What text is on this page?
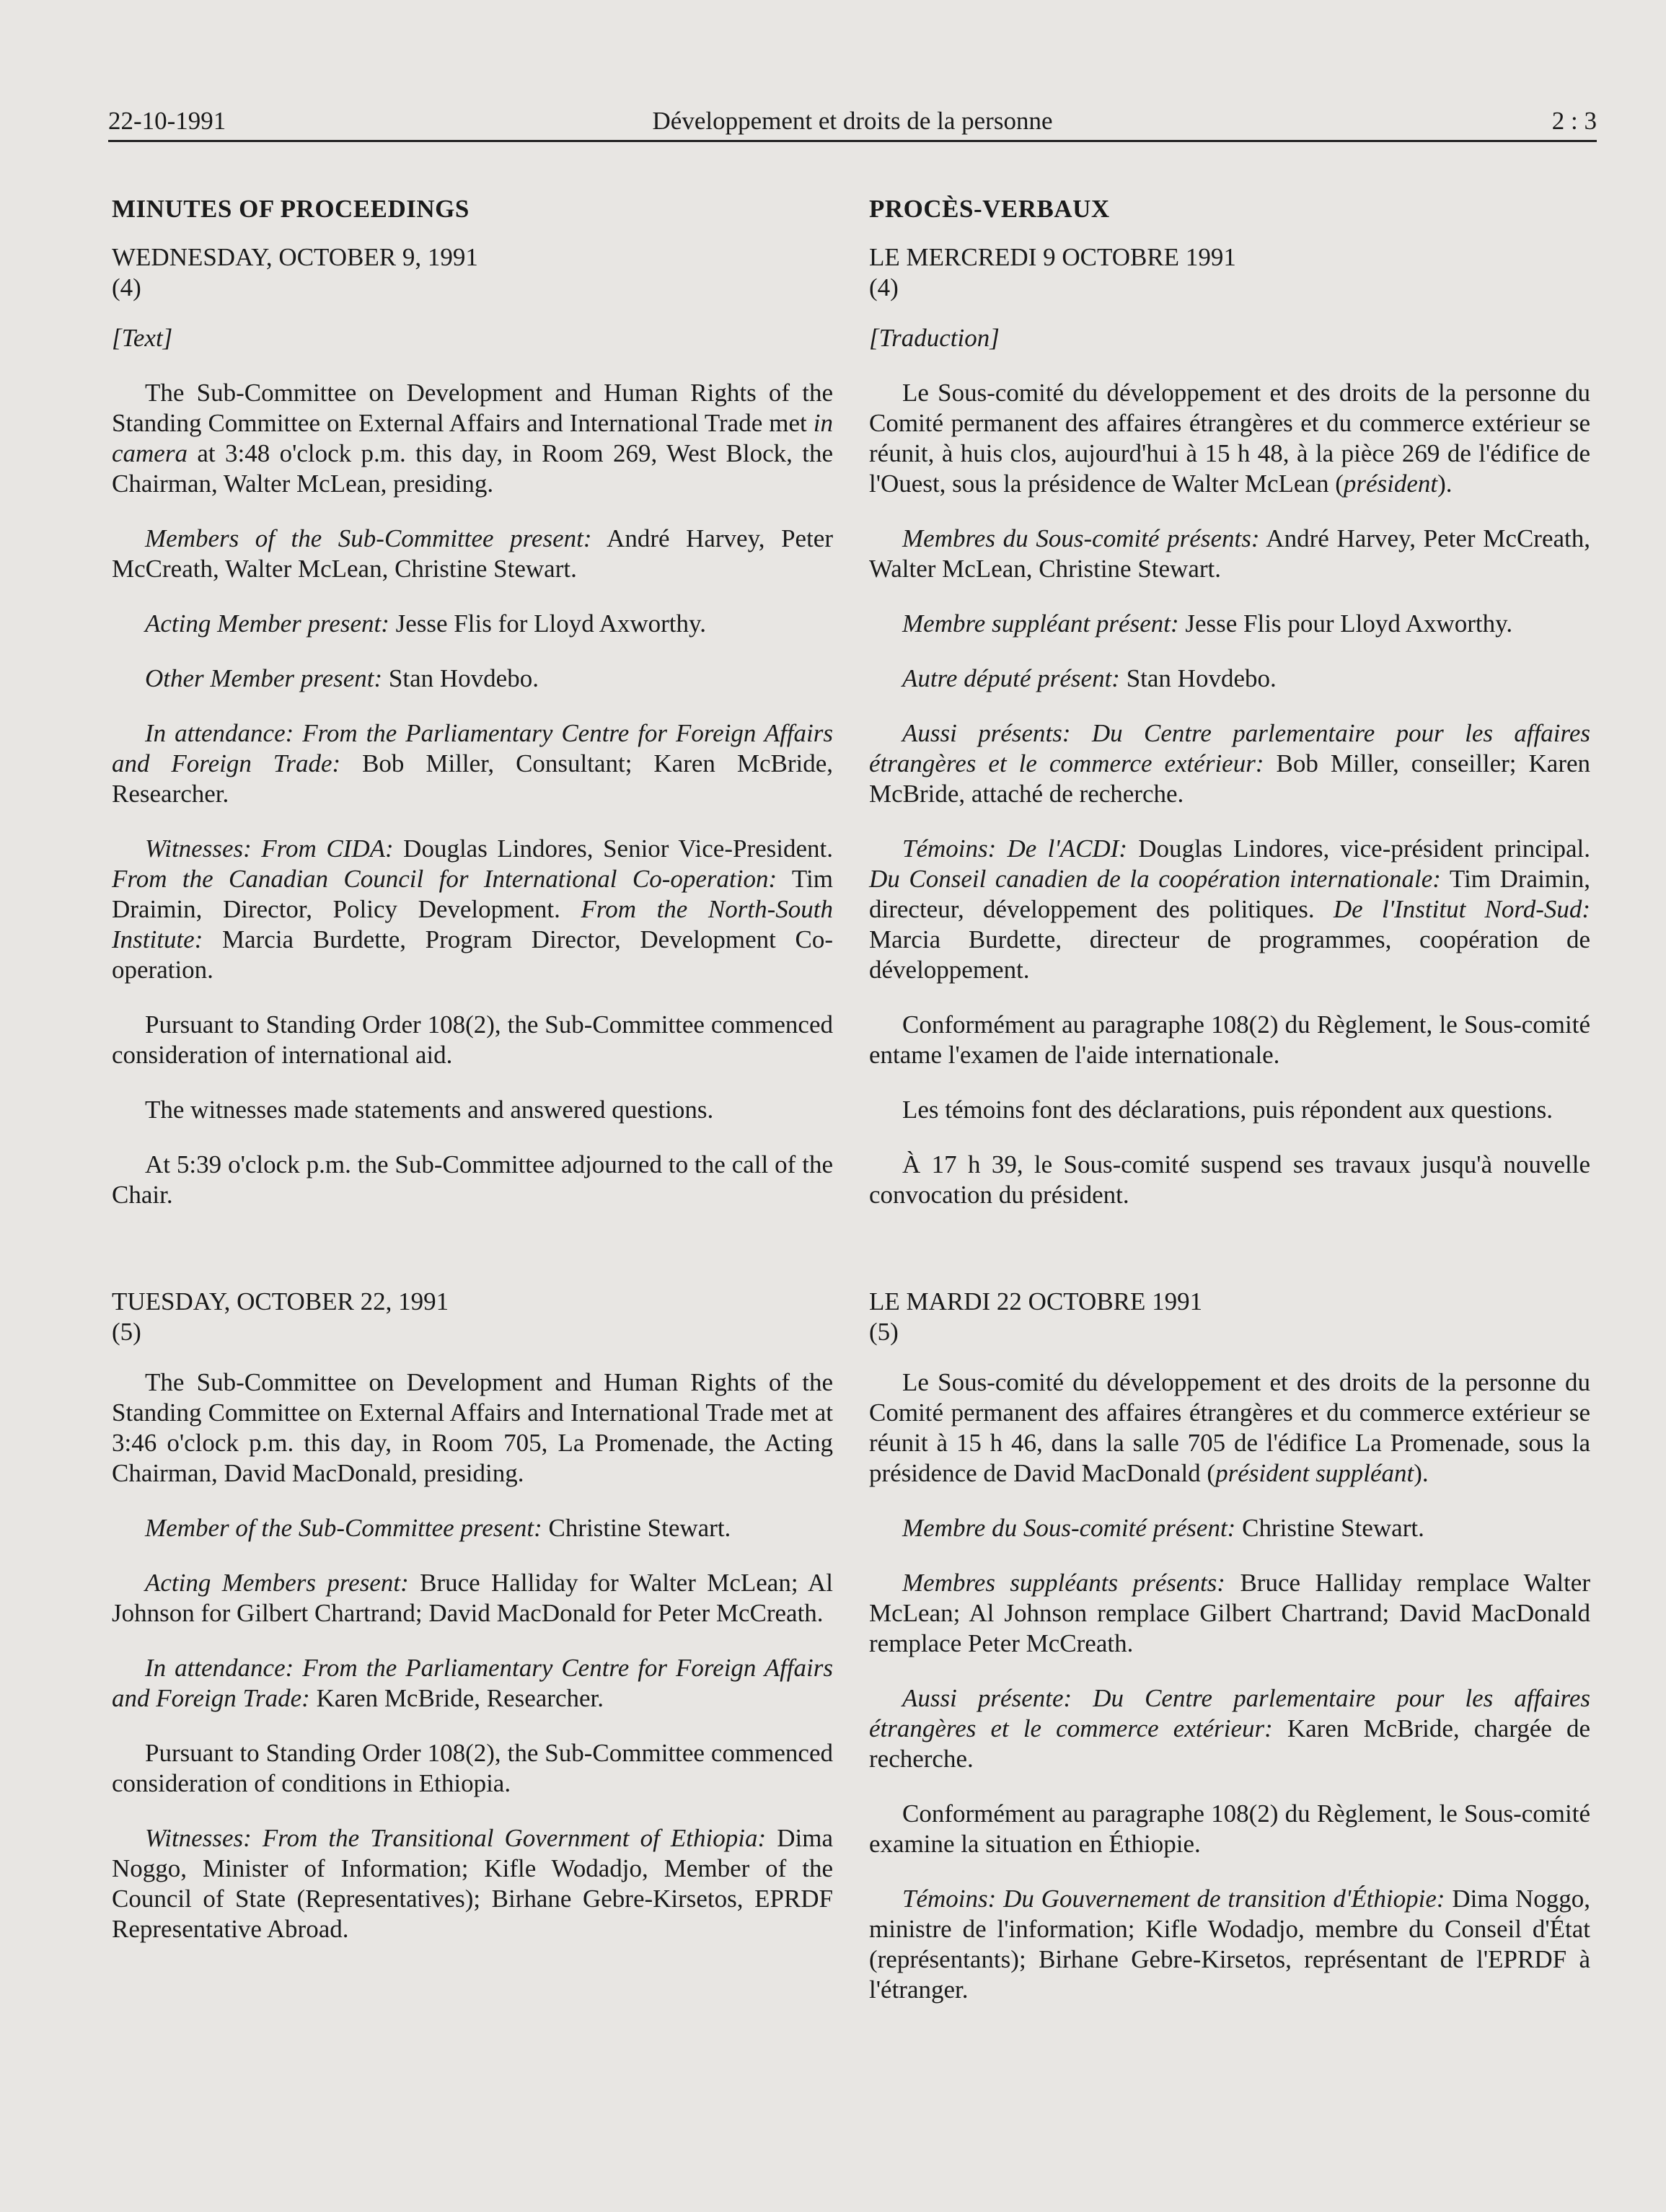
22-10-1991	Développement et droits de la personne	2 : 3
MINUTES OF PROCEEDINGS
WEDNESDAY, OCTOBER 9, 1991
(4)

[Text]

The Sub-Committee on Development and Human Rights of the Standing Committee on External Affairs and International Trade met in camera at 3:48 o'clock p.m. this day, in Room 269, West Block, the Chairman, Walter McLean, presiding.

Members of the Sub-Committee present: André Harvey, Peter McCreath, Walter McLean, Christine Stewart.

Acting Member present: Jesse Flis for Lloyd Axworthy.

Other Member present: Stan Hovdebo.

In attendance: From the Parliamentary Centre for Foreign Affairs and Foreign Trade: Bob Miller, Consultant; Karen McBride, Researcher.

Witnesses: From CIDA: Douglas Lindores, Senior Vice-President. From the Canadian Council for International Co-operation: Tim Draimin, Director, Policy Development. From the North-South Institute: Marcia Burdette, Program Director, Development Co-operation.

Pursuant to Standing Order 108(2), the Sub-Committee commenced consideration of international aid.

The witnesses made statements and answered questions.

At 5:39 o'clock p.m. the Sub-Committee adjourned to the call of the Chair.

TUESDAY, OCTOBER 22, 1991
(5)

The Sub-Committee on Development and Human Rights of the Standing Committee on External Affairs and International Trade met at 3:46 o'clock p.m. this day, in Room 705, La Promenade, the Acting Chairman, David MacDonald, presiding.

Member of the Sub-Committee present: Christine Stewart.

Acting Members present: Bruce Halliday for Walter McLean; Al Johnson for Gilbert Chartrand; David MacDonald for Peter McCreath.

In attendance: From the Parliamentary Centre for Foreign Affairs and Foreign Trade: Karen McBride, Researcher.

Pursuant to Standing Order 108(2), the Sub-Committee commenced consideration of conditions in Ethiopia.

Witnesses: From the Transitional Government of Ethiopia: Dima Noggo, Minister of Information; Kifle Wodadjo, Member of the Council of State (Representatives); Birhane Gebre-Kirsetos, EPRDF Representative Abroad.

PROCÈS-VERBAUX
LE MERCREDI 9 OCTOBRE 1991
(4)

[Traduction]

Le Sous-comité du développement et des droits de la personne du Comité permanent des affaires étrangères et du commerce extérieur se réunit, à huis clos, aujourd'hui à 15 h 48, à la pièce 269 de l'édifice de l'Ouest, sous la présidence de Walter McLean (président).

Membres du Sous-comité présents: André Harvey, Peter McCreath, Walter McLean, Christine Stewart.

Membre suppléant présent: Jesse Flis pour Lloyd Axworthy.

Autre député présent: Stan Hovdebo.

Aussi présents: Du Centre parlementaire pour les affaires étrangères et le commerce extérieur: Bob Miller, conseiller; Karen McBride, attaché de recherche.

Témoins: De l'ACDI: Douglas Lindores, vice-président principal. Du Conseil canadien de la coopération internationale: Tim Draimin, directeur, développement des politiques. De l'Institut Nord-Sud: Marcia Burdette, directeur de programmes, coopération de développement.

Conformément au paragraphe 108(2) du Règlement, le Sous-comité entame l'examen de l'aide internationale.

Les témoins font des déclarations, puis répondent aux questions.

À 17 h 39, le Sous-comité suspend ses travaux jusqu'à nouvelle convocation du président.

LE MARDI 22 OCTOBRE 1991
(5)

Le Sous-comité du développement et des droits de la personne du Comité permanent des affaires étrangères et du commerce extérieur se réunit à 15 h 46, dans la salle 705 de l'édifice La Promenade, sous la présidence de David MacDonald (président suppléant).

Membre du Sous-comité présent: Christine Stewart.

Membres suppléants présents: Bruce Halliday remplace Walter McLean; Al Johnson remplace Gilbert Chartrand; David MacDonald remplace Peter McCreath.

Aussi présente: Du Centre parlementaire pour les affaires étrangères et le commerce extérieur: Karen McBride, chargée de recherche.

Conformément au paragraphe 108(2) du Règlement, le Sous-comité examine la situation en Éthiopie.

Témoins: Du Gouvernement de transition d'Éthiopie: Dima Noggo, ministre de l'information; Kifle Wodadjo, membre du Conseil d'État (représentants); Birhane Gebre-Kirsetos, représentant de l'EPRDF à l'étranger.
